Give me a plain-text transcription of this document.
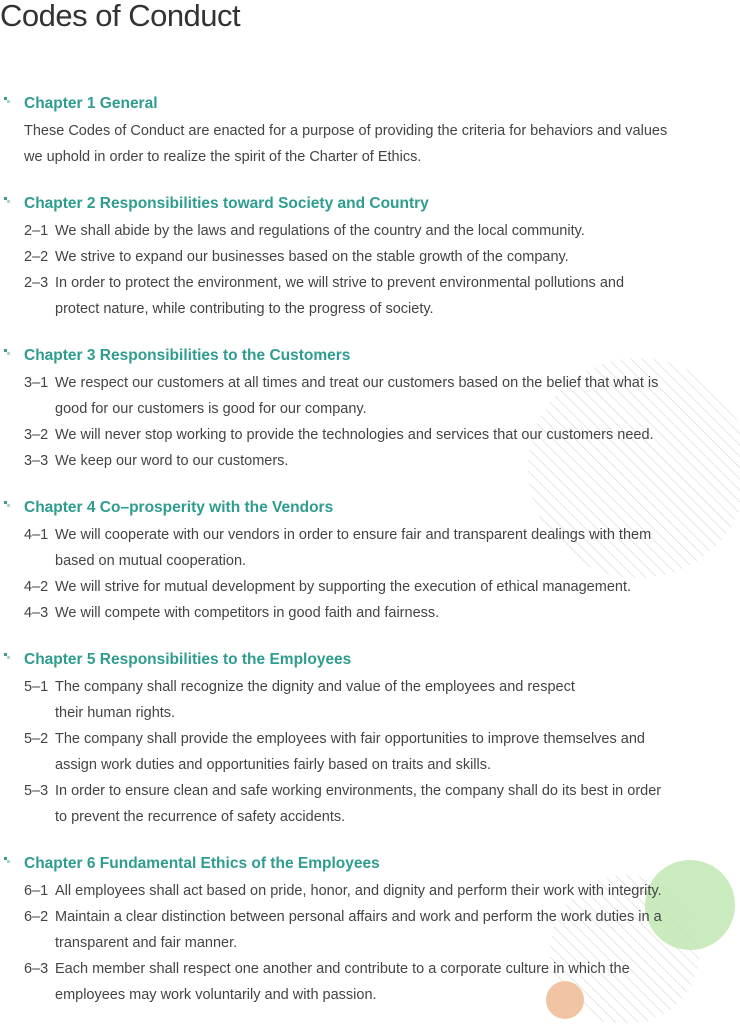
Codes of Conduct
Chapter 1 General

These Codes of Conduct are enacted for a purpose of providing the criteria for behaviors and values
we uphold in order to realize the spirit of the Charter of Ethics.

Chapter 2 Responsibilities toward Society and Country
2–1 We shall abide by the laws and regulations of the country and the local community.
2–2 We strive to expand our businesses based on the stable growth of the company.
2–3 In order to protect the environment, we will strive to prevent environmental pollutions and
protect nature, while contributing to the progress of society.
Chapter 3 Responsibilities to the Customers
3–1 We respect our customers at all times and treat our customers based on the belief that what is
good for our customers is good for our company.
3–2 We will never stop working to provide the technologies and services that our customers need.
3–3 We keep our word to our customers.
Chapter 4 Co–prosperity with the Vendors
4–1 We will cooperate with our vendors in order to ensure fair and transparent dealings with them
based on mutual cooperation.
4–2 We will strive for mutual development by supporting the execution of ethical management.
4–3 We will compete with competitors in good faith and fairness.
Chapter 5 Responsibilities to the Employees
5–1 The company shall recognize the dignity and value of the employees and respect
their human rights.
5–2 The company shall provide the employees with fair opportunities to improve themselves and
assign work duties and opportunities fairly based on traits and skills.
5–3 In order to ensure clean and safe working environments, the company shall do its best in order
to prevent the recurrence of safety accidents.
Chapter 6 Fundamental Ethics of the Employees
6–1 All employees shall act based on pride, honor, and dignity and perform their work with integrity.
6–2 Maintain a clear distinction between personal affairs and work and perform the work duties in a
transparent and fair manner.
6–3 Each member shall respect one another and contribute to a corporate culture in which the
employees may work voluntarily and with passion.
